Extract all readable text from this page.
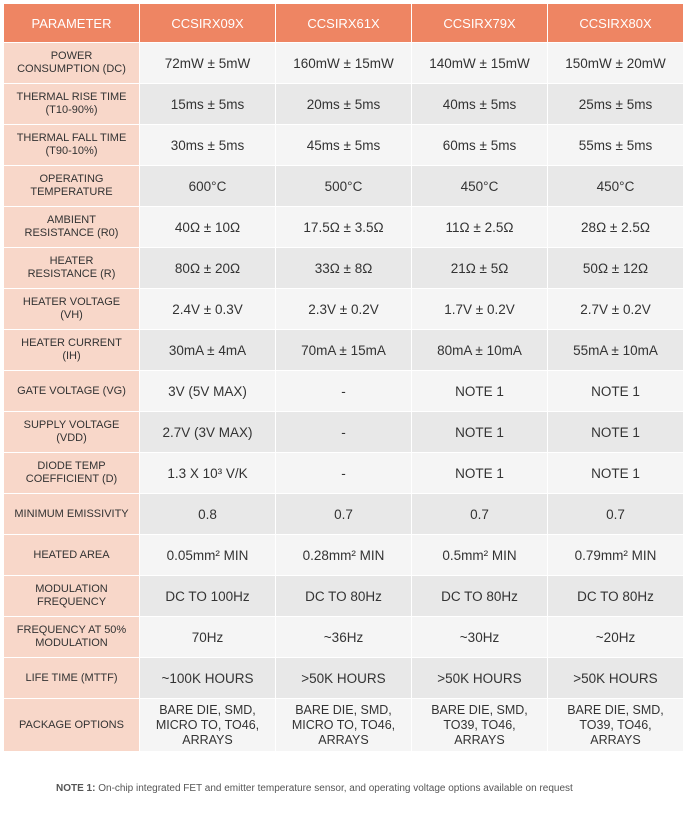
PARAMETER	CCSIRX09X	CCSIRX61X	CCSIRX79X	CCSIRX80X

POWER
CONSUMPTION (DC)	72mW ± 5mW	160mW ± 15mW	140mW ± 15mW	150mW ± 20mW

THERMAL RISE TIME
(T10-90%)	15ms ± 5ms	20ms ± 5ms	40ms ± 5ms	25ms ± 5ms

THERMAL FALL TIME
(T90-10%)	30ms ± 5ms	45ms ± 5ms	60ms ± 5ms	55ms ± 5ms

OPERATING
TEMPERATURE	600°C	500°C	450°C	450°C

AMBIENT
RESISTANCE (R0)	40Ω ± 10Ω	17.5Ω ± 3.5Ω	11Ω ± 2.5Ω	28Ω ± 2.5Ω

HEATER
RESISTANCE (R)	80Ω ± 20Ω	33Ω ± 8Ω	21Ω ± 5Ω	50Ω ± 12Ω

HEATER VOLTAGE
(VH)	2.4V ± 0.3V	2.3V ± 0.2V	1.7V ± 0.2V	2.7V ± 0.2V

HEATER CURRENT
(IH)	30mA ± 4mA	70mA ± 15mA	80mA ± 10mA	55mA ± 10mA

GATE VOLTAGE (VG)	3V (5V MAX)	-	NOTE 1	NOTE 1

SUPPLY VOLTAGE
(VDD)	2.7V (3V MAX)	-	NOTE 1	NOTE 1

DIODE TEMP
COEFFICIENT (D)	1.3 X 10³ V/K	-	NOTE 1	NOTE 1

MINIMUM EMISSIVITY	0.8	0.7	0.7	0.7

HEATED AREA	0.05mm² MIN	0.28mm² MIN	0.5mm² MIN	0.79mm² MIN

MODULATION
FREQUENCY	DC TO 100Hz	DC TO 80Hz	DC TO 80Hz	DC TO 80Hz

FREQUENCY AT 50%
MODULATION	70Hz	~36Hz	~30Hz	~20Hz

LIFE TIME (MTTF)	~100K HOURS	>50K HOURS	>50K HOURS	>50K HOURS

PACKAGE OPTIONS	BARE DIE, SMD,
MICRO TO, TO46,
ARRAYS	BARE DIE, SMD,
MICRO TO, TO46,
ARRAYS	BARE DIE, SMD,
TO39, TO46,
ARRAYS	BARE DIE, SMD,
TO39, TO46,
ARRAYS
NOTE 1: On-chip integrated FET and emitter temperature sensor, and operating voltage options available on request
